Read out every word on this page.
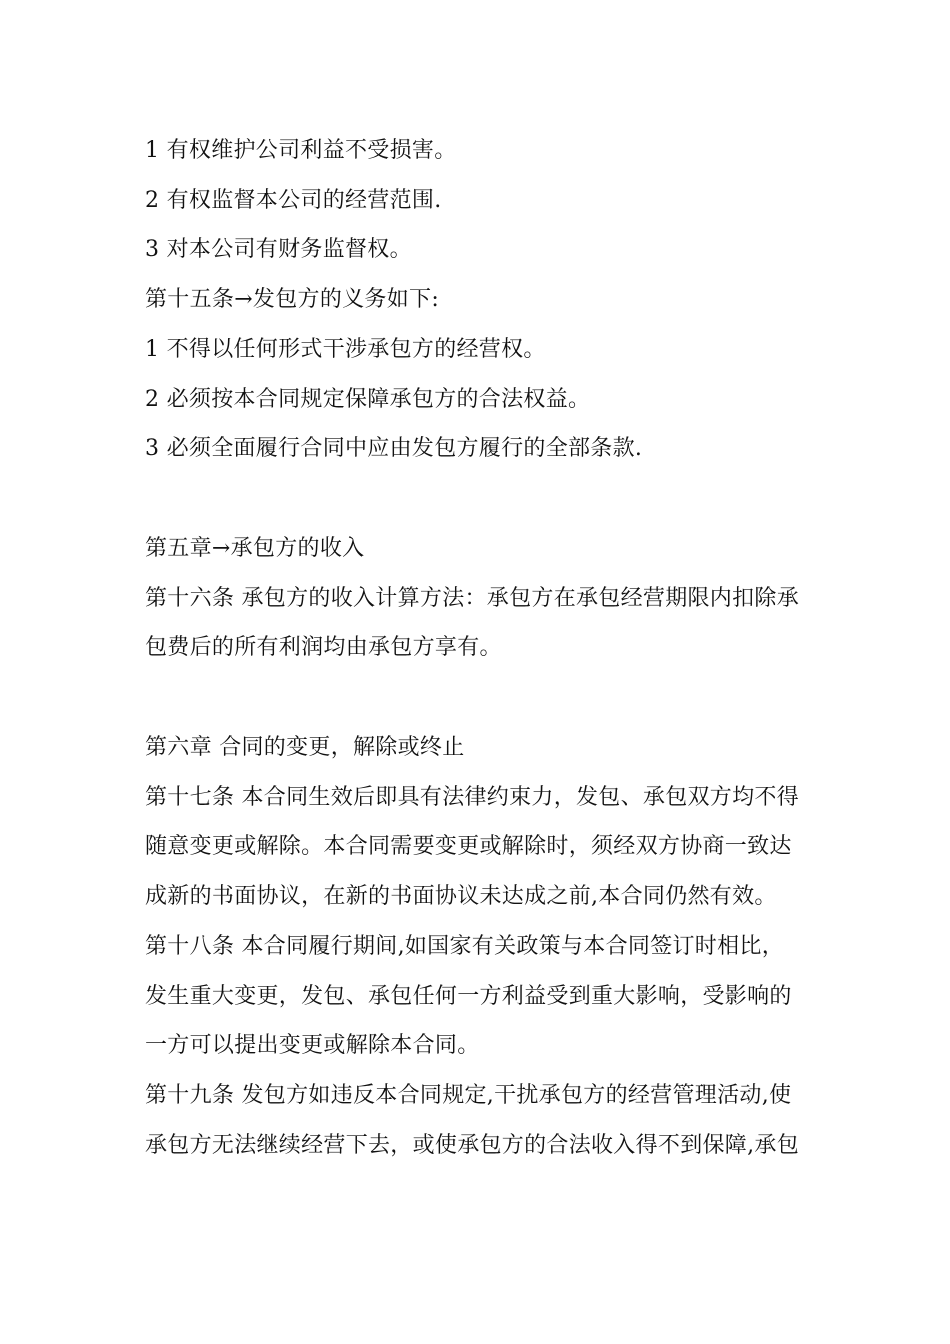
1 有权维护公司利益不受损害。
2 有权监督本公司的经营范围.
3 对本公司有财务监督权。
第十五条→发包方的义务如下:
1 不得以任何形式干涉承包方的经营权。
2 必须按本合同规定保障承包方的合法权益。
3 必须全面履行合同中应由发包方履行的全部条款.
第五章→承包方的收入
第十六条 承包方的收入计算方法：承包方在承包经营期限内扣除承
包费后的所有利润均由承包方享有。
第六章 合同的变更，解除或终止
第十七条 本合同生效后即具有法律约束力，发包、承包双方均不得
随意变更或解除。本合同需要变更或解除时，须经双方协商一致达
成新的书面协议，在新的书面协议未达成之前,本合同仍然有效。
第十八条 本合同履行期间,如国家有关政策与本合同签订时相比，
发生重大变更，发包、承包任何一方利益受到重大影响，受影响的
一方可以提出变更或解除本合同。
第十九条 发包方如违反本合同规定,干扰承包方的经营管理活动,使
承包方无法继续经营下去，或使承包方的合法收入得不到保障,承包
